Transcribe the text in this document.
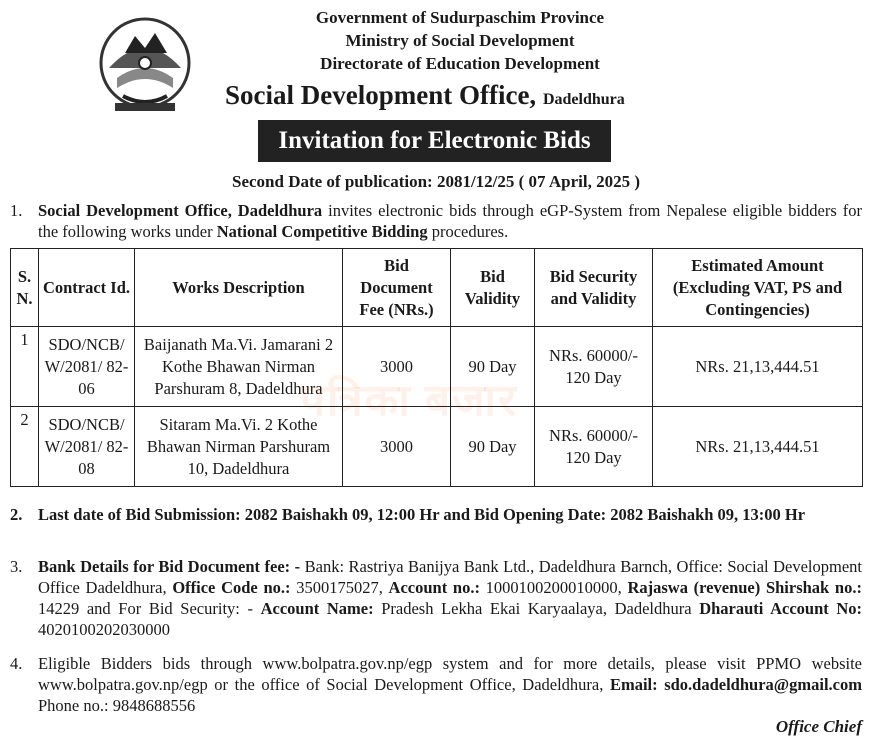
Government of Sudurpaschim Province
Ministry of Social Development
Directorate of Education Development
Social Development Office, Dadeldhura
Invitation for Electronic Bids
Second Date of publication: 2081/12/25 ( 07 April, 2025 )
1. Social Development Office, Dadeldhura invites electronic bids through eGP-System from Nepalese eligible bidders for the following works under National Competitive Bidding procedures.
पत्रिका बजार
S. N.	Contract Id.	Works Description	Bid Document Fee (NRs.)	Bid Validity	Bid Security and Validity	Estimated Amount (Excluding VAT, PS and Contingencies)
1	SDO/NCB/ W/2081/ 82-06	Baijanath Ma.Vi. Jamarani 2 Kothe Bhawan Nirman Parshuram 8, Dadeldhura	3000	90 Day	NRs. 60000/- 120 Day	NRs. 21,13,444.51
2	SDO/NCB/ W/2081/ 82-08	Sitaram Ma.Vi. 2 Kothe Bhawan Nirman Parshuram 10, Dadeldhura	3000	90 Day	NRs. 60000/- 120 Day	NRs. 21,13,444.51
2. Last date of Bid Submission: 2082 Baishakh 09, 12:00 Hr and Bid Opening Date: 2082 Baishakh 09, 13:00 Hr
3. Bank Details for Bid Document fee: - Bank: Rastriya Banijya Bank Ltd., Dadeldhura Barnch, Office: Social Development Office Dadeldhura, Office Code no.: 3500175027, Account no.: 1000100200010000, Rajaswa (revenue) Shirshak no.: 14229 and For Bid Security: - Account Name: Pradesh Lekha Ekai Karyaalaya, Dadeldhura Dharauti Account No: 4020100202030000
4. Eligible Bidders bids through www.bolpatra.gov.np/egp system and for more details, please visit PPMO website www.bolpatra.gov.np/egp or the office of Social Development Office, Dadeldhura, Email: sdo.dadeldhura@gmail.com Phone no.: 9848688556
Office Chief
